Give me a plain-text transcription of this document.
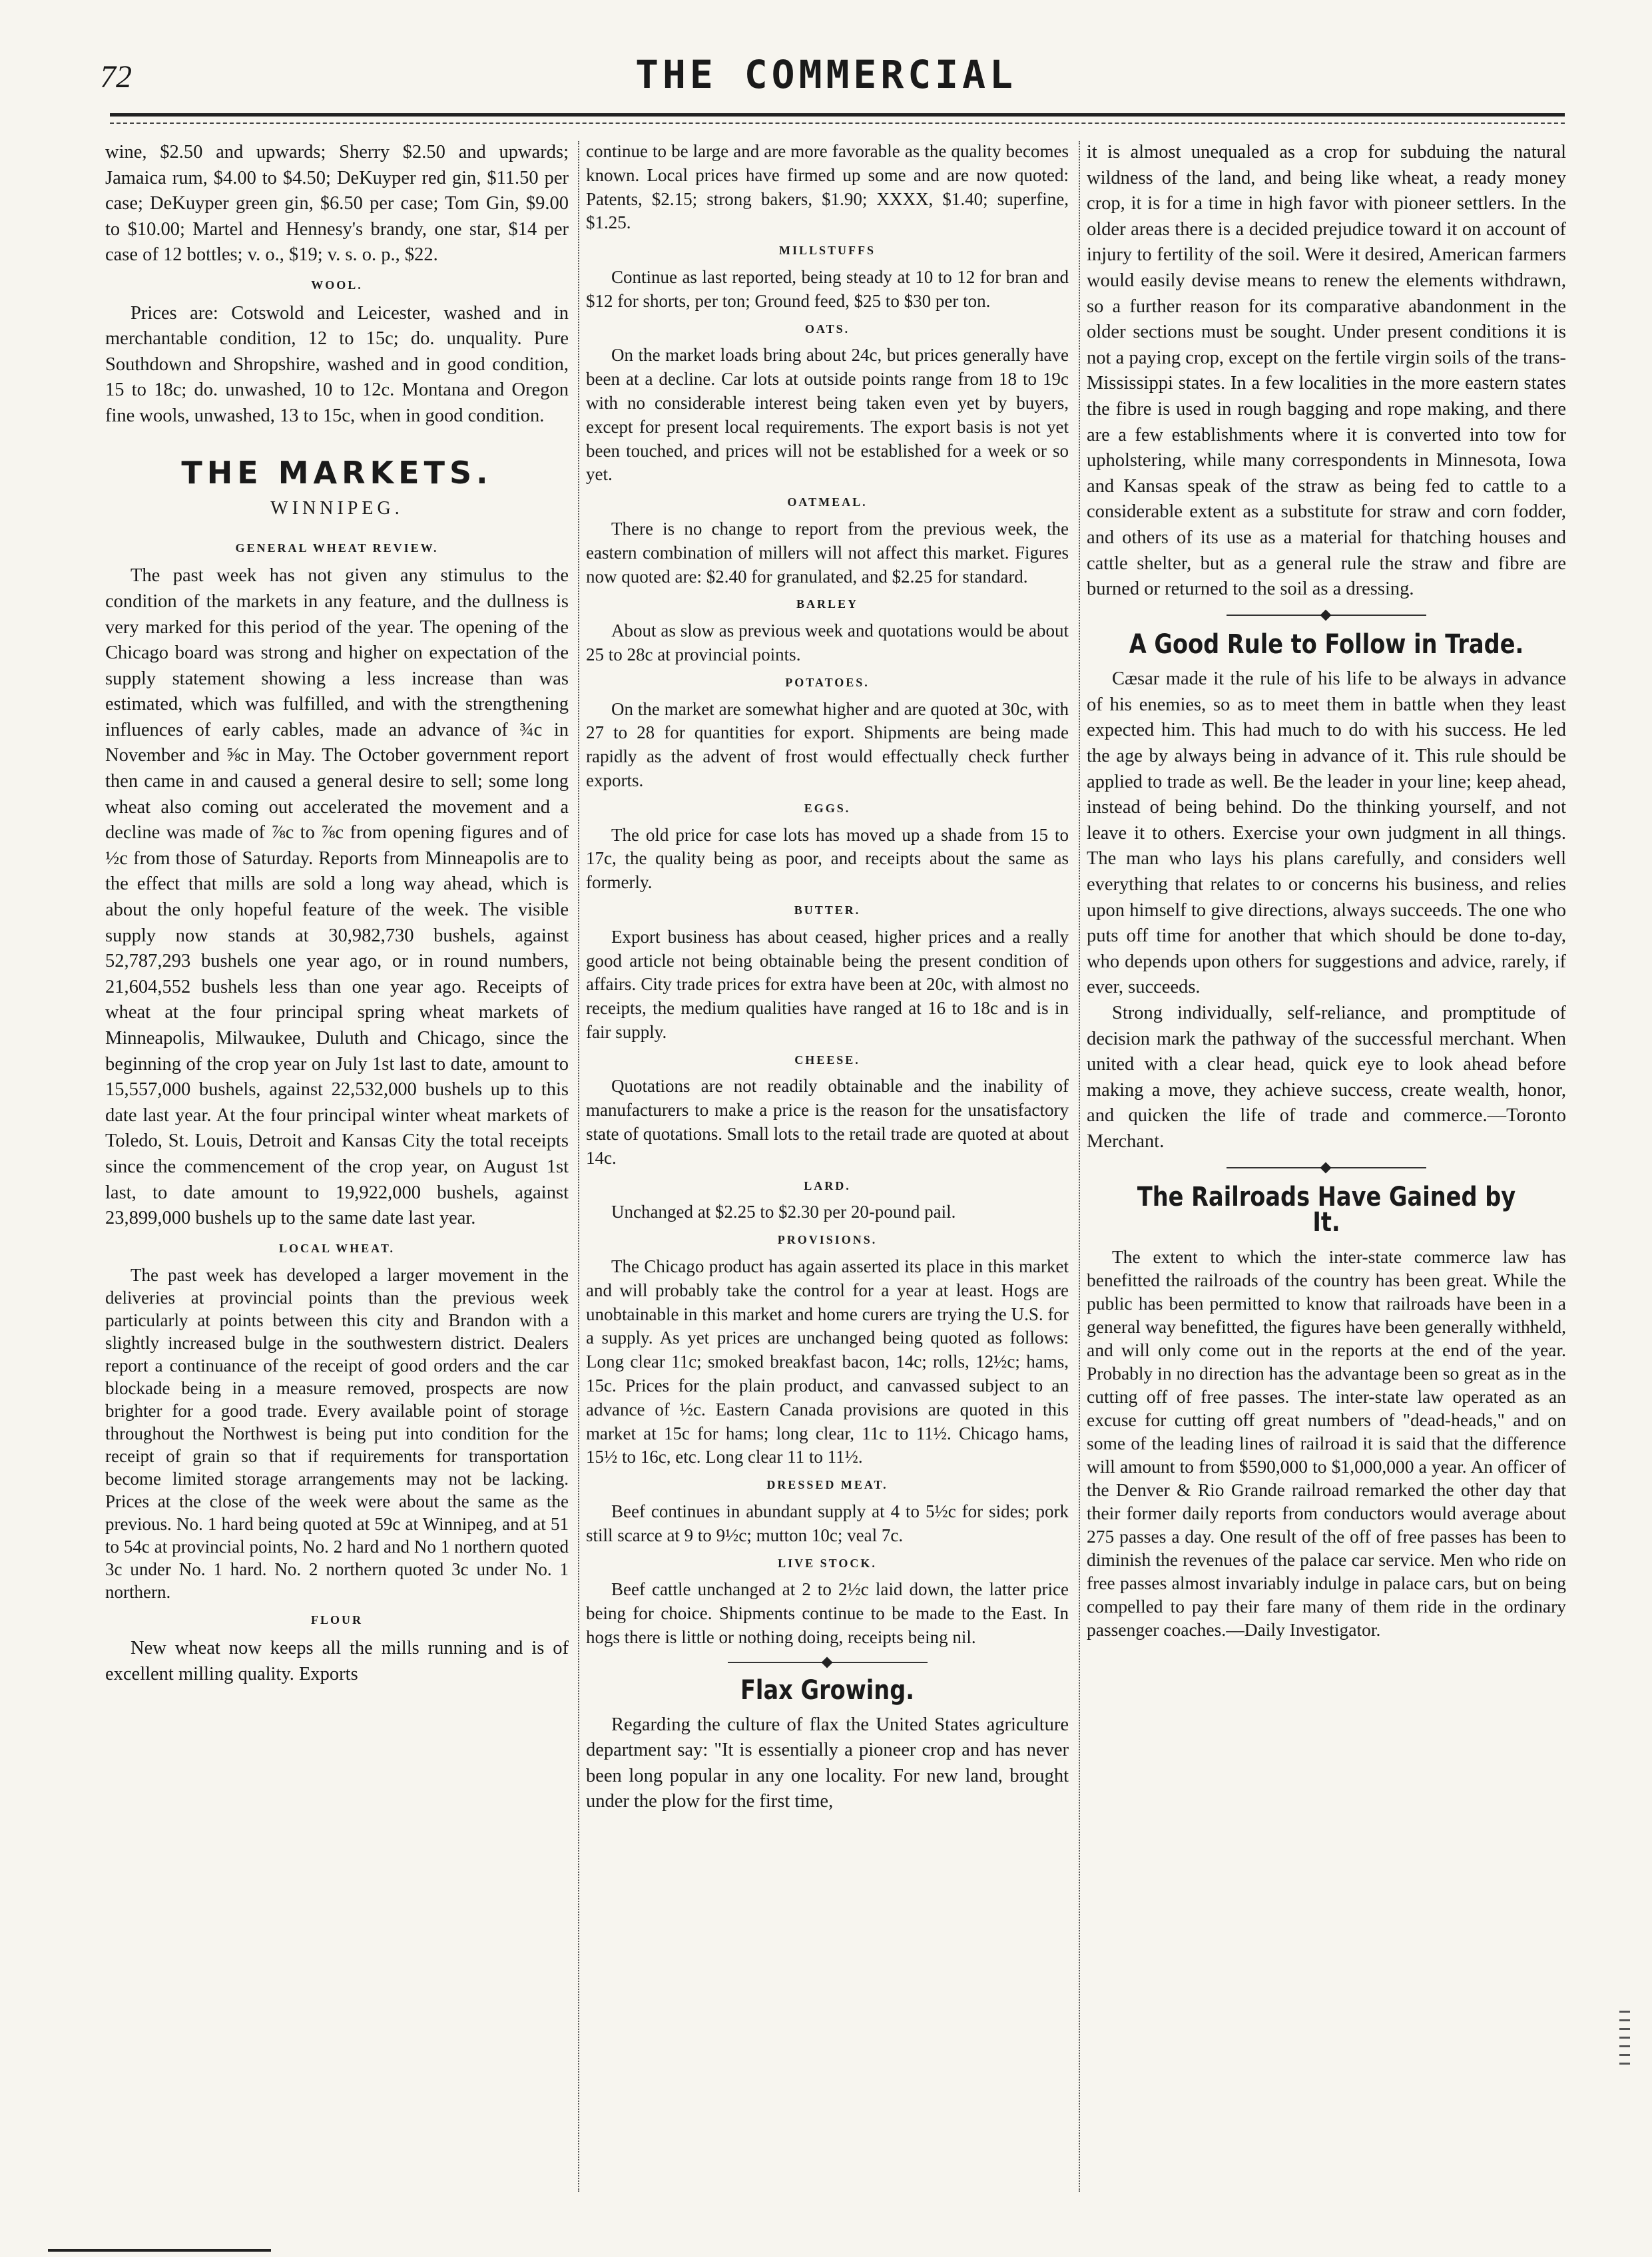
72	THE COMMERCIAL

wine, $2.50 and upwards; Sherry $2.50 and upwards; Jamaica rum, $4.00 to $4.50; DeKuyper red gin, $11.50 per case; DeKuyper green gin, $6.50 per case; Tom Gin, $9.00 to $10.00; Martel and Hennesy's brandy, one star, $14 per case of 12 bottles; v. o., $19; v. s. o. p., $22.

WOOL.

Prices are: Cotswold and Leicester, washed and in merchantable condition, 12 to 15c; do. unquality. Pure Southdown and Shropshire, washed and in good condition, 15 to 18c; do. unwashed, 10 to 12c. Montana and Oregon fine wools, unwashed, 13 to 15c, when in good condition.

THE MARKETS.
WINNIPEG.
GENERAL WHEAT REVIEW.

The past week has not given any stimulus to the condition of the markets in any feature, and the dullness is very marked for this period of the year. The opening of the Chicago board was strong and higher on expectation of the supply statement showing a less increase than was estimated, which was fulfilled, and with the strengthening influences of early cables, made an advance of ¾c in November and ⅝c in May. The October government report then came in and caused a general desire to sell; some long wheat also coming out accelerated the movement and a decline was made of ⅞c to ⅞c from opening figures and of ½c from those of Saturday. Reports from Minneapolis are to the effect that mills are sold a long way ahead, which is about the only hopeful feature of the week. The visible supply now stands at 30,982,730 bushels, against 52,787,293 bushels one year ago, or in round numbers, 21,604,552 bushels less than one year ago. Receipts of wheat at the four principal spring wheat markets of Minneapolis, Milwaukee, Duluth and Chicago, since the beginning of the crop year on July 1st last to date, amount to 15,557,000 bushels, against 22,532,000 bushels up to this date last year. At the four principal winter wheat markets of Toledo, St. Louis, Detroit and Kansas City the total receipts since the commencement of the crop year, on August 1st last, to date amount to 19,922,000 bushels, against 23,899,000 bushels up to the same date last year.

LOCAL WHEAT.

The past week has developed a larger movement in the deliveries at provincial points than the previous week particularly at points between this city and Brandon with a slightly increased bulge in the southwestern district. Dealers report a continuance of the receipt of good orders and the car blockade being in a measure removed, prospects are now brighter for a good trade. Every available point of storage throughout the Northwest is being put into condition for the receipt of grain so that if requirements for transportation become limited storage arrangements may not be lacking. Prices at the close of the week were about the same as the previous. No. 1 hard being quoted at 59c at Winnipeg, and at 51 to 54c at provincial points, No. 2 hard and No 1 northern quoted 3c under No. 1 hard. No. 2 northern quoted 3c under No. 1 northern.

FLOUR

New wheat now keeps all the mills running and is of excellent milling quality. Exports

continue to be large and are more favorable as the quality becomes known. Local prices have firmed up some and are now quoted: Patents, $2.15; strong bakers, $1.90; XXXX, $1.40; superfine, $1.25.

MILLSTUFFS

Continue as last reported, being steady at 10 to 12 for bran and $12 for shorts, per ton; Ground feed, $25 to $30 per ton.

OATS.

On the market loads bring about 24c, but prices generally have been at a decline. Car lots at outside points range from 18 to 19c with no considerable interest being taken even yet by buyers, except for present local requirements. The export basis is not yet been touched, and prices will not be established for a week or so yet.

OATMEAL.

There is no change to report from the previous week, the eastern combination of millers will not affect this market. Figures now quoted are: $2.40 for granulated, and $2.25 for standard.

BARLEY

About as slow as previous week and quotations would be about 25 to 28c at provincial points.

POTATOES.

On the market are somewhat higher and are quoted at 30c, with 27 to 28 for quantities for export. Shipments are being made rapidly as the advent of frost would effectually check further exports.

EGGS.

The old price for case lots has moved up a shade from 15 to 17c, the quality being as poor, and receipts about the same as formerly.

BUTTER.

Export business has about ceased, higher prices and a really good article not being obtainable being the present condition of affairs. City trade prices for extra have been at 20c, with almost no receipts, the medium qualities have ranged at 16 to 18c and is in fair supply.

CHEESE.

Quotations are not readily obtainable and the inability of manufacturers to make a price is the reason for the unsatisfactory state of quotations. Small lots to the retail trade are quoted at about 14c.

LARD.

Unchanged at $2.25 to $2.30 per 20-pound pail.

PROVISIONS.

The Chicago product has again asserted its place in this market and will probably take the control for a year at least. Hogs are unobtainable in this market and home curers are trying the U.S. for a supply. As yet prices are unchanged being quoted as follows: Long clear 11c; smoked breakfast bacon, 14c; rolls, 12½c; hams, 15c. Prices for the plain product, and canvassed subject to an advance of ½c. Eastern Canada provisions are quoted in this market at 15c for hams; long clear, 11c to 11½. Chicago hams, 15½ to 16c, etc. Long clear 11 to 11½.

DRESSED MEAT.

Beef continues in abundant supply at 4 to 5½c for sides; pork still scarce at 9 to 9½c; mutton 10c; veal 7c.

LIVE STOCK.

Beef cattle unchanged at 2 to 2½c laid down, the latter price being for choice. Shipments continue to be made to the East. In hogs there is little or nothing doing, receipts being nil.

Flax Growing.

Regarding the culture of flax the United States agriculture department say: "It is essentially a pioneer crop and has never been long popular in any one locality. For new land, brought under the plow for the first time,

it is almost unequaled as a crop for subduing the natural wildness of the land, and being like wheat, a ready money crop, it is for a time in high favor with pioneer settlers. In the older areas there is a decided prejudice toward it on account of injury to fertility of the soil. Were it desired, American farmers would easily devise means to renew the elements withdrawn, so a further reason for its comparative abandonment in the older sections must be sought. Under present conditions it is not a paying crop, except on the fertile virgin soils of the trans-Mississippi states. In a few localities in the more eastern states the fibre is used in rough bagging and rope making, and there are a few establishments where it is converted into tow for upholstering, while many correspondents in Minnesota, Iowa and Kansas speak of the straw as being fed to cattle to a considerable extent as a substitute for straw and corn fodder, and others of its use as a material for thatching houses and cattle shelter, but as a general rule the straw and fibre are burned or returned to the soil as a dressing.

A Good Rule to Follow in Trade.

Cæsar made it the rule of his life to be always in advance of his enemies, so as to meet them in battle when they least expected him. This had much to do with his success. He led the age by always being in advance of it. This rule should be applied to trade as well. Be the leader in your line; keep ahead, instead of being behind. Do the thinking yourself, and not leave it to others. Exercise your own judgment in all things. The man who lays his plans carefully, and considers well everything that relates to or concerns his business, and relies upon himself to give directions, always succeeds. The one who puts off time for another that which should be done to-day, who depends upon others for suggestions and advice, rarely, if ever, succeeds.

Strong individually, self-reliance, and promptitude of decision mark the pathway of the successful merchant. When united with a clear head, quick eye to look ahead before making a move, they achieve success, create wealth, honor, and quicken the life of trade and commerce.—Toronto Merchant.

The Railroads Have Gained by It.

The extent to which the inter-state commerce law has benefitted the railroads of the country has been great. While the public has been permitted to know that railroads have been in a general way benefitted, the figures have been generally withheld, and will only come out in the reports at the end of the year. Probably in no direction has the advantage been so great as in the cutting off of free passes. The inter-state law operated as an excuse for cutting off great numbers of "dead-heads," and on some of the leading lines of railroad it is said that the difference will amount to from $590,000 to $1,000,000 a year. An officer of the Denver & Rio Grande railroad remarked the other day that their former daily reports from conductors would average about 275 passes a day. One result of the off of free passes has been to diminish the revenues of the palace car service. Men who ride on free passes almost invariably indulge in palace cars, but on being compelled to pay their fare many of them ride in the ordinary passenger coaches.—Daily Investigator.
